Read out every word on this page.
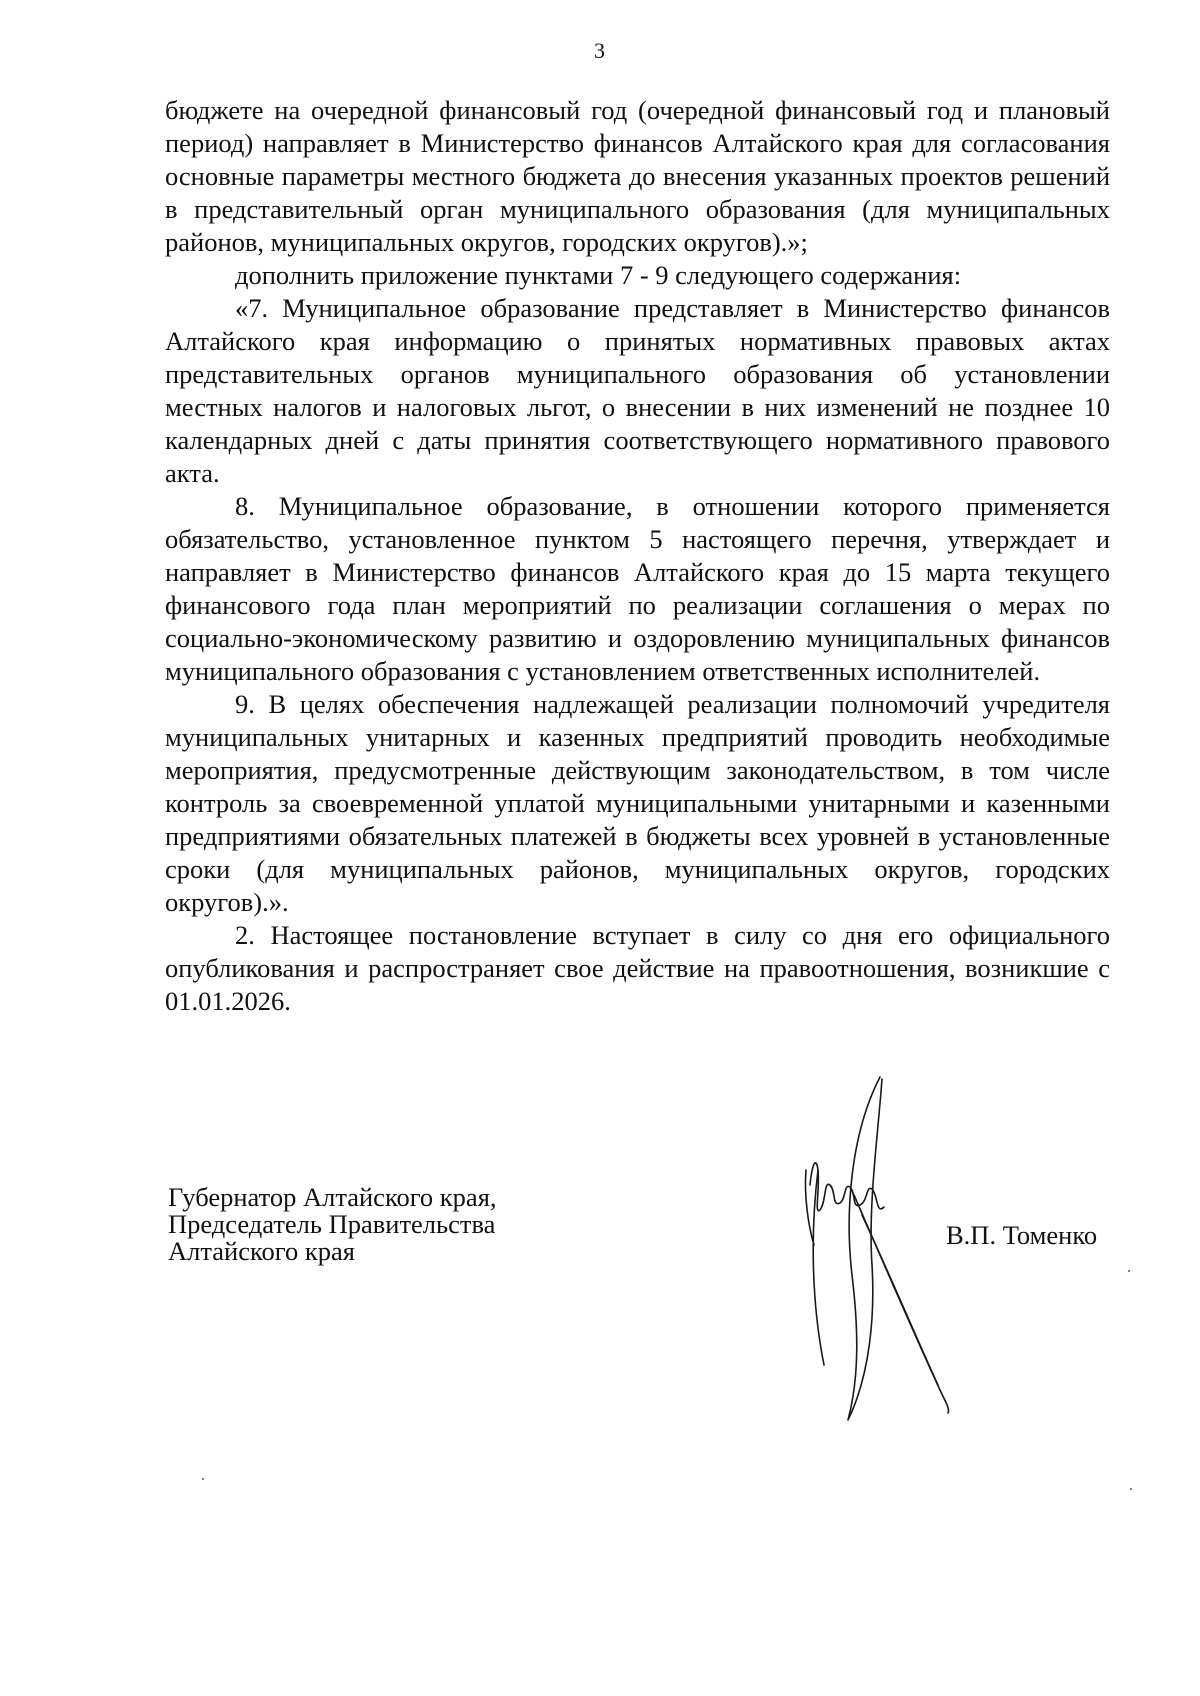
3

бюджете на очередной финансовый год (очередной финансовый год и плановый период) направляет в Министерство финансов Алтайского края для согласования основные параметры местного бюджета до внесения указанных проектов решений в представительный орган муниципального образования (для муниципальных районов, муниципальных округов, городских округов).»;

дополнить приложение пунктами 7 - 9 следующего содержания:

«7. Муниципальное образование представляет в Министерство финансов Алтайского края информацию о принятых нормативных правовых актах представительных органов муниципального образования об установлении местных налогов и налоговых льгот, о внесении в них изменений не позднее 10 календарных дней с даты принятия соответствующего нормативного правового акта.

8. Муниципальное образование, в отношении которого применяется обязательство, установленное пунктом 5 настоящего перечня, утверждает и направляет в Министерство финансов Алтайского края до 15 марта текущего финансового года план мероприятий по реализации соглашения о мерах по социально-экономическому развитию и оздоровлению муниципальных финансов муниципального образования с установлением ответственных исполнителей.

9. В целях обеспечения надлежащей реализации полномочий учредителя муниципальных унитарных и казенных предприятий проводить необходимые мероприятия, предусмотренные действующим законодательством, в том числе контроль за своевременной уплатой муниципальными унитарными и казенными предприятиями обязательных платежей в бюджеты всех уровней в установленные сроки (для муниципальных районов, муниципальных округов, городских округов).».

2. Настоящее постановление вступает в силу со дня его официального опубликования и распространяет свое действие на правоотношения, возникшие с 01.01.2026.

Губернатор Алтайского края,
Председатель Правительства
Алтайского края
В.П. Томенко
